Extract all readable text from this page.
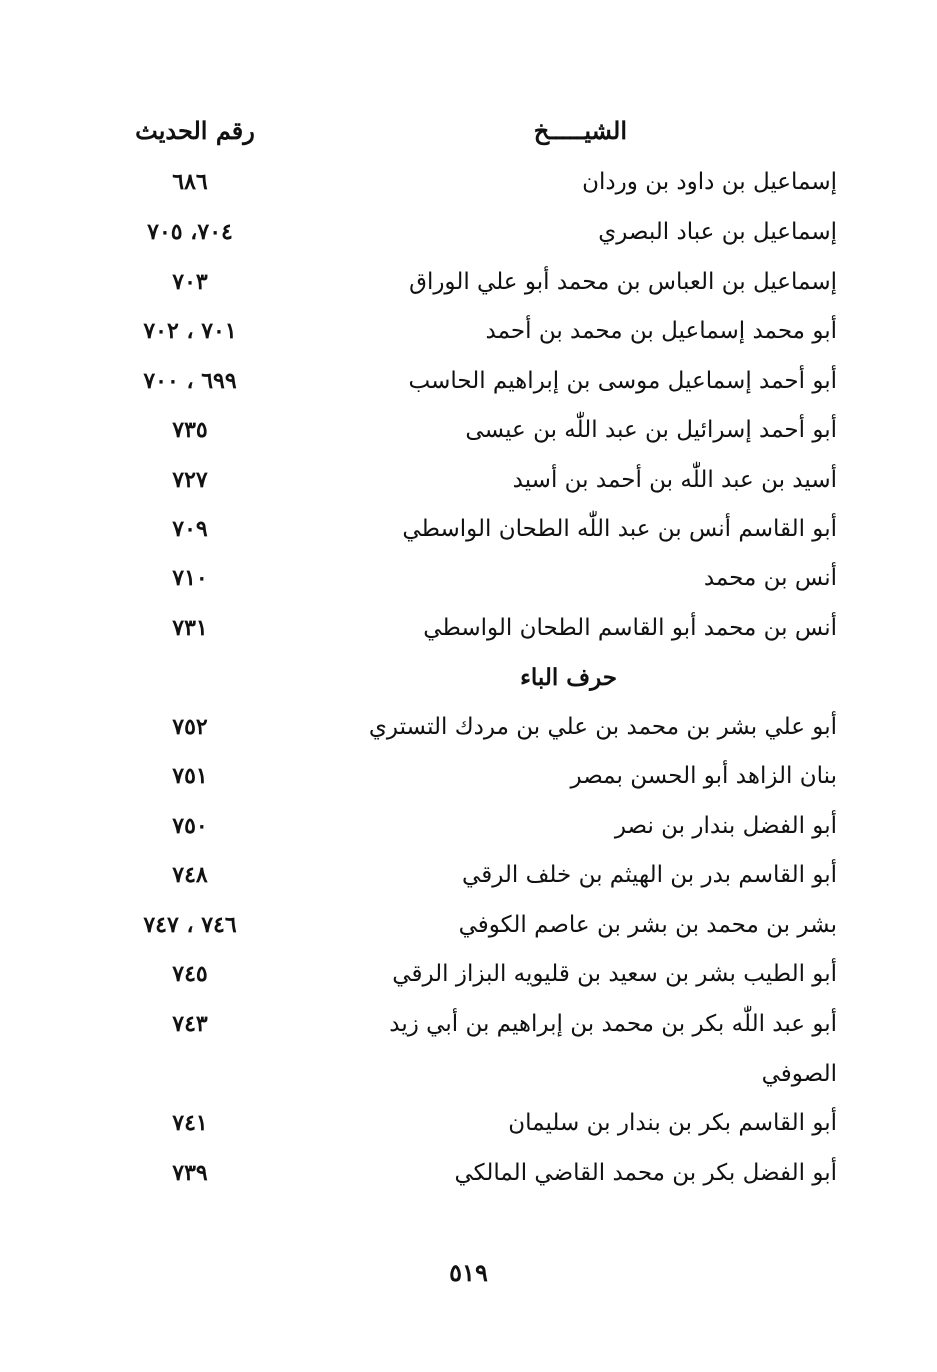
الشيـــــخ
رقم الحديث
إسماعيل بن داود بن وردان
٦٨٦
إسماعيل بن عباد البصري
٧٠٤، ٧٠٥
إسماعيل بن العباس بن محمد أبو علي الوراق
٧٠٣
أبو محمد إسماعيل بن محمد بن أحمد
٧٠١ ، ٧٠٢
أبو أحمد إسماعيل موسى بن إبراهيم الحاسب
٦٩٩ ، ٧٠٠
أبو أحمد إسرائيل بن عبد اللّٰه بن عيسى
٧٣٥
أسيد بن عبد اللّٰه بن أحمد بن أسيد
٧٢٧
أبو القاسم أنس بن عبد اللّٰه الطحان الواسطي
٧٠٩
أنس بن محمد
٧١٠
أنس بن محمد أبو القاسم الطحان الواسطي
٧٣١
حرف الباء
أبو علي بشر بن محمد بن علي بن مردك التستري
٧٥٢
بنان الزاهد أبو الحسن بمصر
٧٥١
أبو الفضل بندار بن نصر
٧٥٠
أبو القاسم بدر بن الهيثم بن خلف الرقي
٧٤٨
بشر بن محمد بن بشر بن عاصم الكوفي
٧٤٦ ، ٧٤٧
أبو الطيب بشر بن سعيد بن قليويه البزاز الرقي
٧٤٥
أبو عبد اللّٰه بكر بن محمد بن إبراهيم بن أبي زيد
٧٤٣
الصوفي
أبو القاسم بكر بن بندار بن سليمان
٧٤١
أبو الفضل بكر بن محمد القاضي المالكي
٧٣٩
٥١٩
